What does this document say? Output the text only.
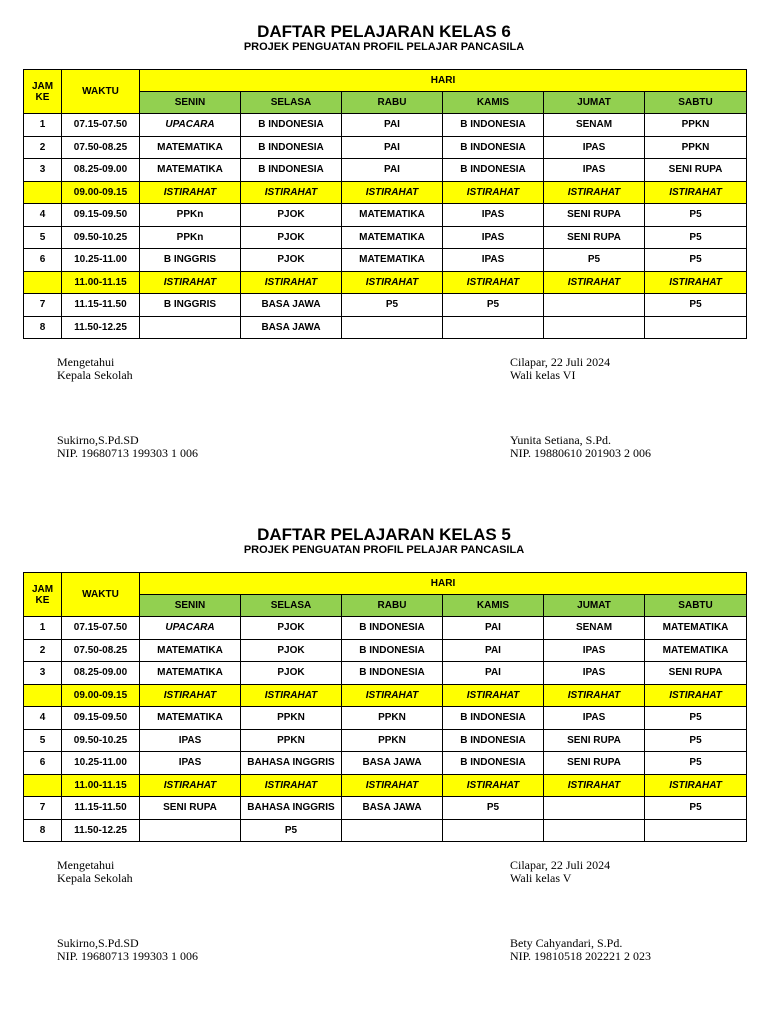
DAFTAR PELAJARAN KELAS 6
PROJEK PENGUATAN PROFIL PELAJAR PANCASILA
JAM KE	WAKTU	HARI					
		SENIN	SELASA	RABU	KAMIS	JUMAT	SABTU
1	07.15-07.50	UPACARA	B INDONESIA	PAI	B INDONESIA	SENAM	PPKN
2	07.50-08.25	MATEMATIKA	B INDONESIA	PAI	B INDONESIA	IPAS	PPKN
3	08.25-09.00	MATEMATIKA	B INDONESIA	PAI	B INDONESIA	IPAS	SENI RUPA
	09.00-09.15	ISTIRAHAT	ISTIRAHAT	ISTIRAHAT	ISTIRAHAT	ISTIRAHAT	ISTIRAHAT
4	09.15-09.50	PPKn	PJOK	MATEMATIKA	IPAS	SENI RUPA	P5
5	09.50-10.25	PPKn	PJOK	MATEMATIKA	IPAS	SENI RUPA	P5
6	10.25-11.00	B INGGRIS	PJOK	MATEMATIKA	IPAS	P5	P5
	11.00-11.15	ISTIRAHAT	ISTIRAHAT	ISTIRAHAT	ISTIRAHAT	ISTIRAHAT	ISTIRAHAT
7	11.15-11.50	B INGGRIS	BASA JAWA	P5	P5		P5
8	11.50-12.25		BASA JAWA				
Mengetahui
Kepala Sekolah
Sukirno,S.Pd.SD
NIP. 19680713 199303 1 006
Cilapar, 22 Juli 2024
Wali kelas VI
Yunita Setiana, S.Pd.
NIP. 19880610 201903 2 006
DAFTAR PELAJARAN KELAS 5
PROJEK PENGUATAN PROFIL PELAJAR PANCASILA
JAM KE	WAKTU	HARI					
		SENIN	SELASA	RABU	KAMIS	JUMAT	SABTU
1	07.15-07.50	UPACARA	PJOK	B INDONESIA	PAI	SENAM	MATEMATIKA
2	07.50-08.25	MATEMATIKA	PJOK	B INDONESIA	PAI	IPAS	MATEMATIKA
3	08.25-09.00	MATEMATIKA	PJOK	B INDONESIA	PAI	IPAS	SENI RUPA
	09.00-09.15	ISTIRAHAT	ISTIRAHAT	ISTIRAHAT	ISTIRAHAT	ISTIRAHAT	ISTIRAHAT
4	09.15-09.50	MATEMATIKA	PPKN	PPKN	B INDONESIA	IPAS	P5
5	09.50-10.25	IPAS	PPKN	PPKN	B INDONESIA	SENI RUPA	P5
6	10.25-11.00	IPAS	BAHASA INGGRIS	BASA JAWA	B INDONESIA	SENI RUPA	P5
	11.00-11.15	ISTIRAHAT	ISTIRAHAT	ISTIRAHAT	ISTIRAHAT	ISTIRAHAT	ISTIRAHAT
7	11.15-11.50	SENI RUPA	BAHASA INGGRIS	BASA JAWA	P5		P5
8	11.50-12.25		P5				
Mengetahui
Kepala Sekolah
Sukirno,S.Pd.SD
NIP. 19680713 199303 1 006
Cilapar, 22 Juli 2024
Wali kelas V
Bety Cahyandari, S.Pd.
NIP. 19810518 202221 2 023
